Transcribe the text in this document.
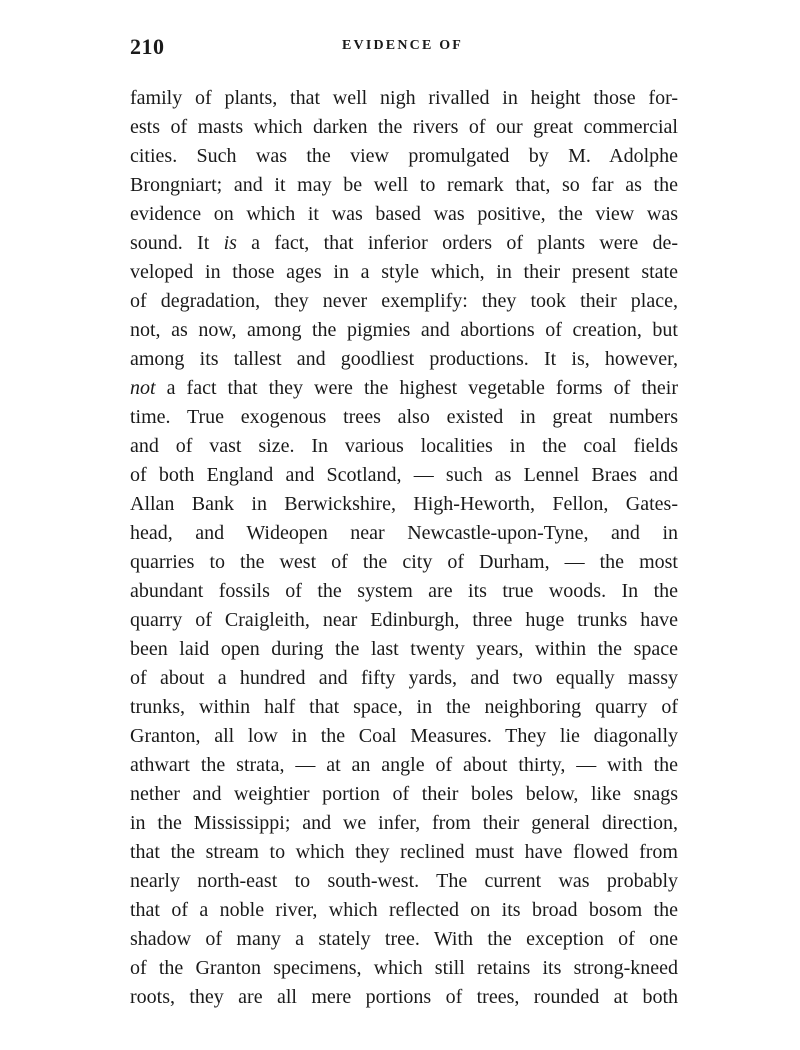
210	EVIDENCE OF
family of plants, that well nigh rivalled in height those for-
ests of masts which darken the rivers of our great commercial
cities. Such was the view promulgated by M. Adolphe
Brongniart; and it may be well to remark that, so far as the
evidence on which it was based was positive, the view was
sound. It is a fact, that inferior orders of plants were de-
veloped in those ages in a style which, in their present state
of degradation, they never exemplify: they took their place,
not, as now, among the pigmies and abortions of creation, but
among its tallest and goodliest productions. It is, however,
not a fact that they were the highest vegetable forms of their
time. True exogenous trees also existed in great numbers
and of vast size. In various localities in the coal fields
of both England and Scotland, — such as Lennel Braes and
Allan Bank in Berwickshire, High-Heworth, Fellon, Gates-
head, and Wideopen near Newcastle-upon-Tyne, and in
quarries to the west of the city of Durham, — the most
abundant fossils of the system are its true woods. In the
quarry of Craigleith, near Edinburgh, three huge trunks have
been laid open during the last twenty years, within the space
of about a hundred and fifty yards, and two equally massy
trunks, within half that space, in the neighboring quarry of
Granton, all low in the Coal Measures. They lie diagonally
athwart the strata, — at an angle of about thirty, — with the
nether and weightier portion of their boles below, like snags
in the Mississippi; and we infer, from their general direction,
that the stream to which they reclined must have flowed from
nearly north-east to south-west. The current was probably
that of a noble river, which reflected on its broad bosom the
shadow of many a stately tree. With the exception of one
of the Granton specimens, which still retains its strong-kneed
roots, they are all mere portions of trees, rounded at both
